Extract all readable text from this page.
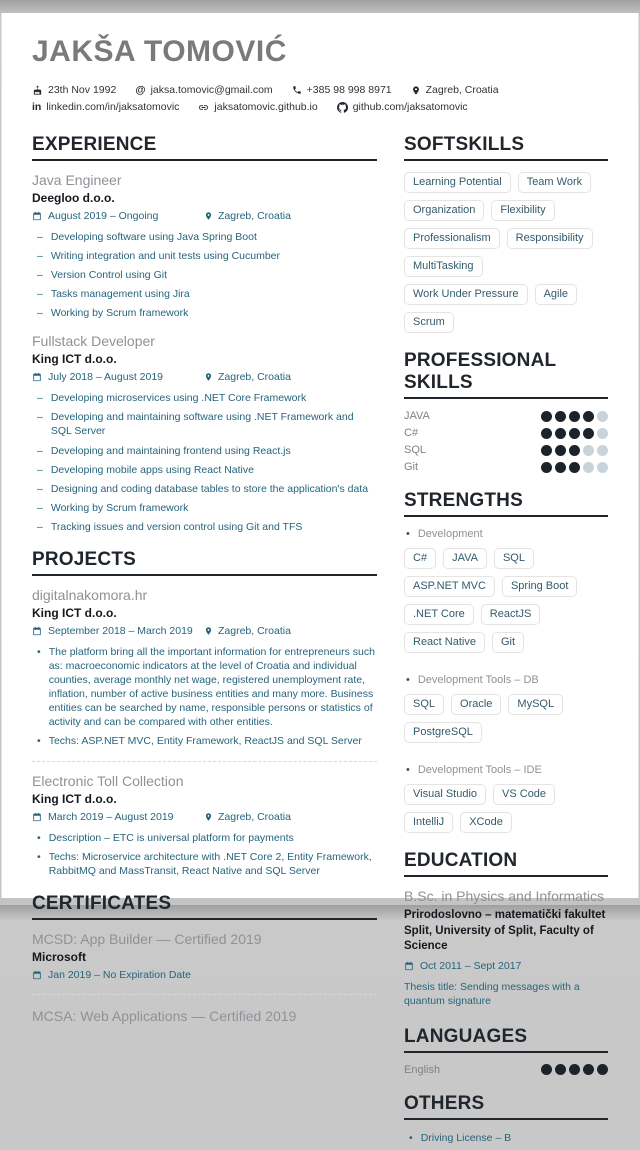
JAKŠA TOMOVIĆ
23th Nov 1992 @ jaksa.tomovic@gmail.com	+385 98 998 8971	Zagreb, Croatia
in linkedin.com/in/jaksatomovic	jaksatomovic.github.io	github.com/jaksatomovic
EXPERIENCE
Java Engineer
Deegloo d.o.o.
August 2019 – Ongoing	Zagreb, Croatia
– Developing software using Java Spring Boot
– Writing integration and unit tests using Cucumber
– Version Control using Git
– Tasks management using Jira
– Working by Scrum framework
Fullstack Developer
King ICT d.o.o.
July 2018 – August 2019	Zagreb, Croatia
– Developing microservices using .NET Core Framework
– Developing and maintaining software using .NET Framework and SQL Server
– Developing and maintaining frontend using React.js
– Developing mobile apps using React Native
– Designing and coding database tables to store the application's data
– Working by Scrum framework
– Tracking issues and version control using Git and TFS
PROJECTS
digitalnakomora.hr
King ICT d.o.o.
September 2018 – March 2019 Zagreb, Croatia
• The platform bring all the important information for entrepreneurs such as: macroeconomic indicators at the level of Croatia and individual counties, average monthly net wage, registered unemployment rate, inflation, number of active business entities and many more. Business entities can be searched by name, responsible persons or statistics of activity and can be compared with other entities.
• Techs: ASP.NET MVC, Entity Framework, ReactJS and SQL Server
Electronic Toll Collection
King ICT d.o.o.
March 2019 – August 2019	Zagreb, Croatia
• Description – ETC is universal platform for payments
• Techs: Microservice architecture with .NET Core 2, Entity Framework, RabbitMQ and MassTransit, React Native and SQL Server
CERTIFICATES
MCSD: App Builder — Certified 2019
Microsoft
Jan 2019 – No Expiration Date
MCSA: Web Applications — Certified 2019
SOFTSKILLS
Learning Potential	Team Work
Organization	Flexibility
Professionalism	Responsibility
MultiTasking
Work Under Pressure	Agile
Scrum
PROFESSIONAL SKILLS
JAVA
C#
SQL
Git
STRENGTHS
• Development
C#	JAVA	SQL
ASP.NET MVC	Spring Boot
.NET Core	ReactJS
React Native	Git
• Development Tools – DB
SQL	Oracle	MySQL
PostgreSQL
• Development Tools – IDE
Visual Studio	VS Code
IntelliJ	XCode
EDUCATION
B.Sc. in Physics and Informatics
Prirodoslovno – matematički fakultet Split, University of Split, Faculty of Science
Oct 2011 – Sept 2017
Thesis title: Sending messages with a quantum signature
LANGUAGES
English
OTHERS
• Driving License – B
